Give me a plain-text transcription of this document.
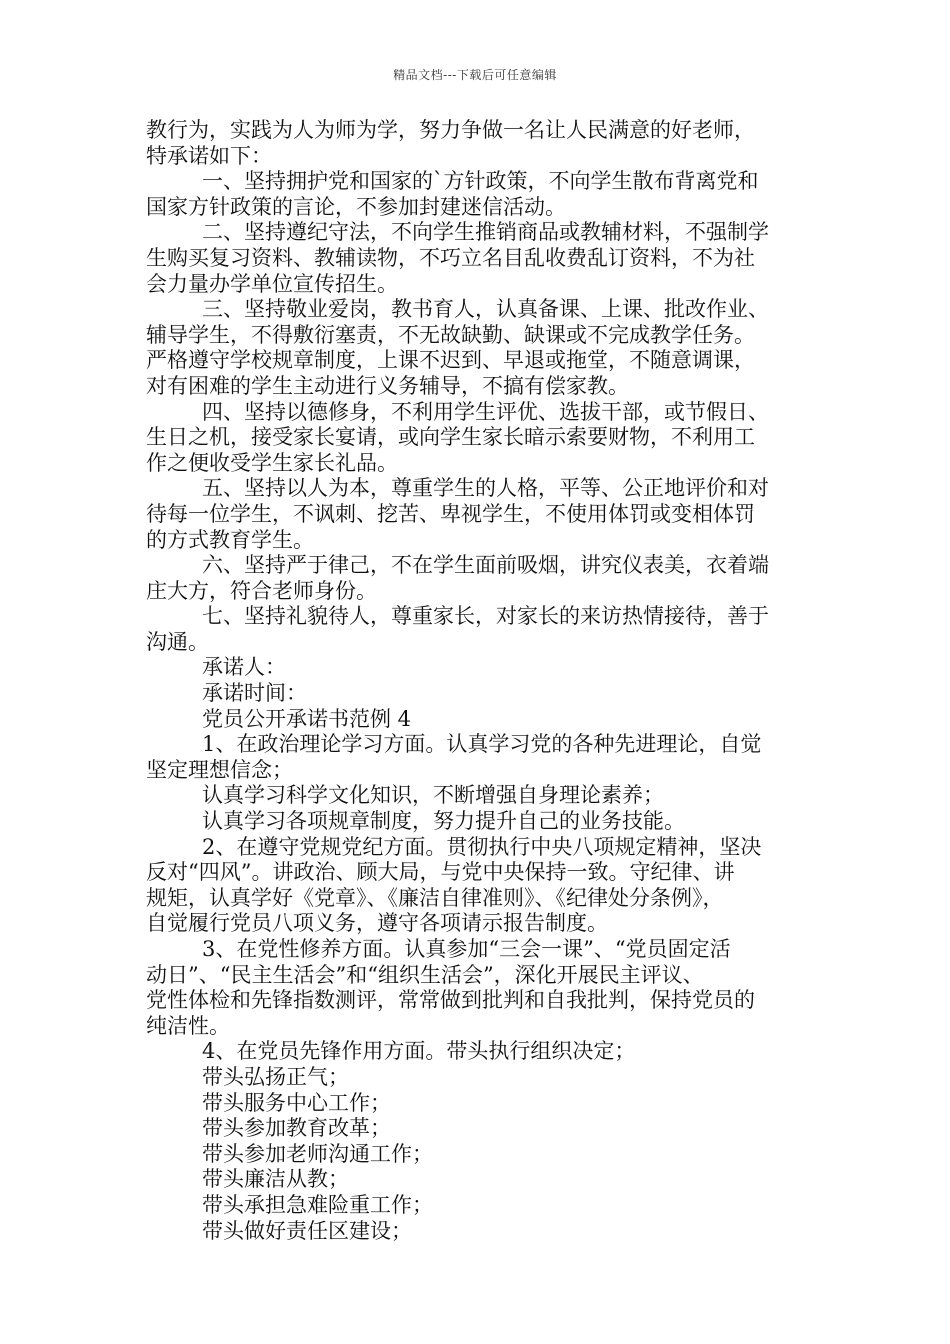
精品文档---下载后可任意编辑

教行为，实践为人为师为学，努力争做一名让人民满意的好老师，

特承诺如下：

一、坚持拥护党和国家的`方针政策，不向学生散布背离党和

国家方针政策的言论，不参加封建迷信活动。

二、坚持遵纪守法，不向学生推销商品或教辅材料，不强制学

生购买复习资料、教辅读物，不巧立名目乱收费乱订资料，不为社

会力量办学单位宣传招生。

三、坚持敬业爱岗，教书育人，认真备课、上课、批改作业、

辅导学生，不得敷衍塞责，不无故缺勤、缺课或不完成教学任务。

严格遵守学校规章制度，上课不迟到、早退或拖堂，不随意调课，

对有困难的学生主动进行义务辅导，不搞有偿家教。

四、坚持以德修身，不利用学生评优、选拔干部，或节假日、

生日之机，接受家长宴请，或向学生家长暗示索要财物，不利用工

作之便收受学生家长礼品。

五、坚持以人为本，尊重学生的人格，平等、公正地评价和对

待每一位学生，不讽刺、挖苦、卑视学生，不使用体罚或变相体罚

的方式教育学生。

六、坚持严于律己，不在学生面前吸烟，讲究仪表美，衣着端

庄大方，符合老师身份。

七、坚持礼貌待人，尊重家长，对家长的来访热情接待，善于

沟通。

承诺人：

承诺时间：

党员公开承诺书范例 4

1、在政治理论学习方面。认真学习党的各种先进理论，自觉

坚定理想信念；

认真学习科学文化知识，不断增强自身理论素养；

认真学习各项规章制度，努力提升自己的业务技能。

2、在遵守党规党纪方面。贯彻执行中央八项规定精神，坚决

反对“四风”。讲政治、顾大局，与党中央保持一致。守纪律、讲

规矩，认真学好《党章》、《廉洁自律准则》、《纪律处分条例》，

自觉履行党员八项义务，遵守各项请示报告制度。

3、在党性修养方面。认真参加“三会一课”、“党员固定活

动日”、“民主生活会”和“组织生活会”，深化开展民主评议、

党性体检和先锋指数测评，常常做到批判和自我批判，保持党员的

纯洁性。

4、在党员先锋作用方面。带头执行组织决定；

带头弘扬正气；

带头服务中心工作；

带头参加教育改革；

带头参加老师沟通工作；

带头廉洁从教；

带头承担急难险重工作；

带头做好责任区建设；
